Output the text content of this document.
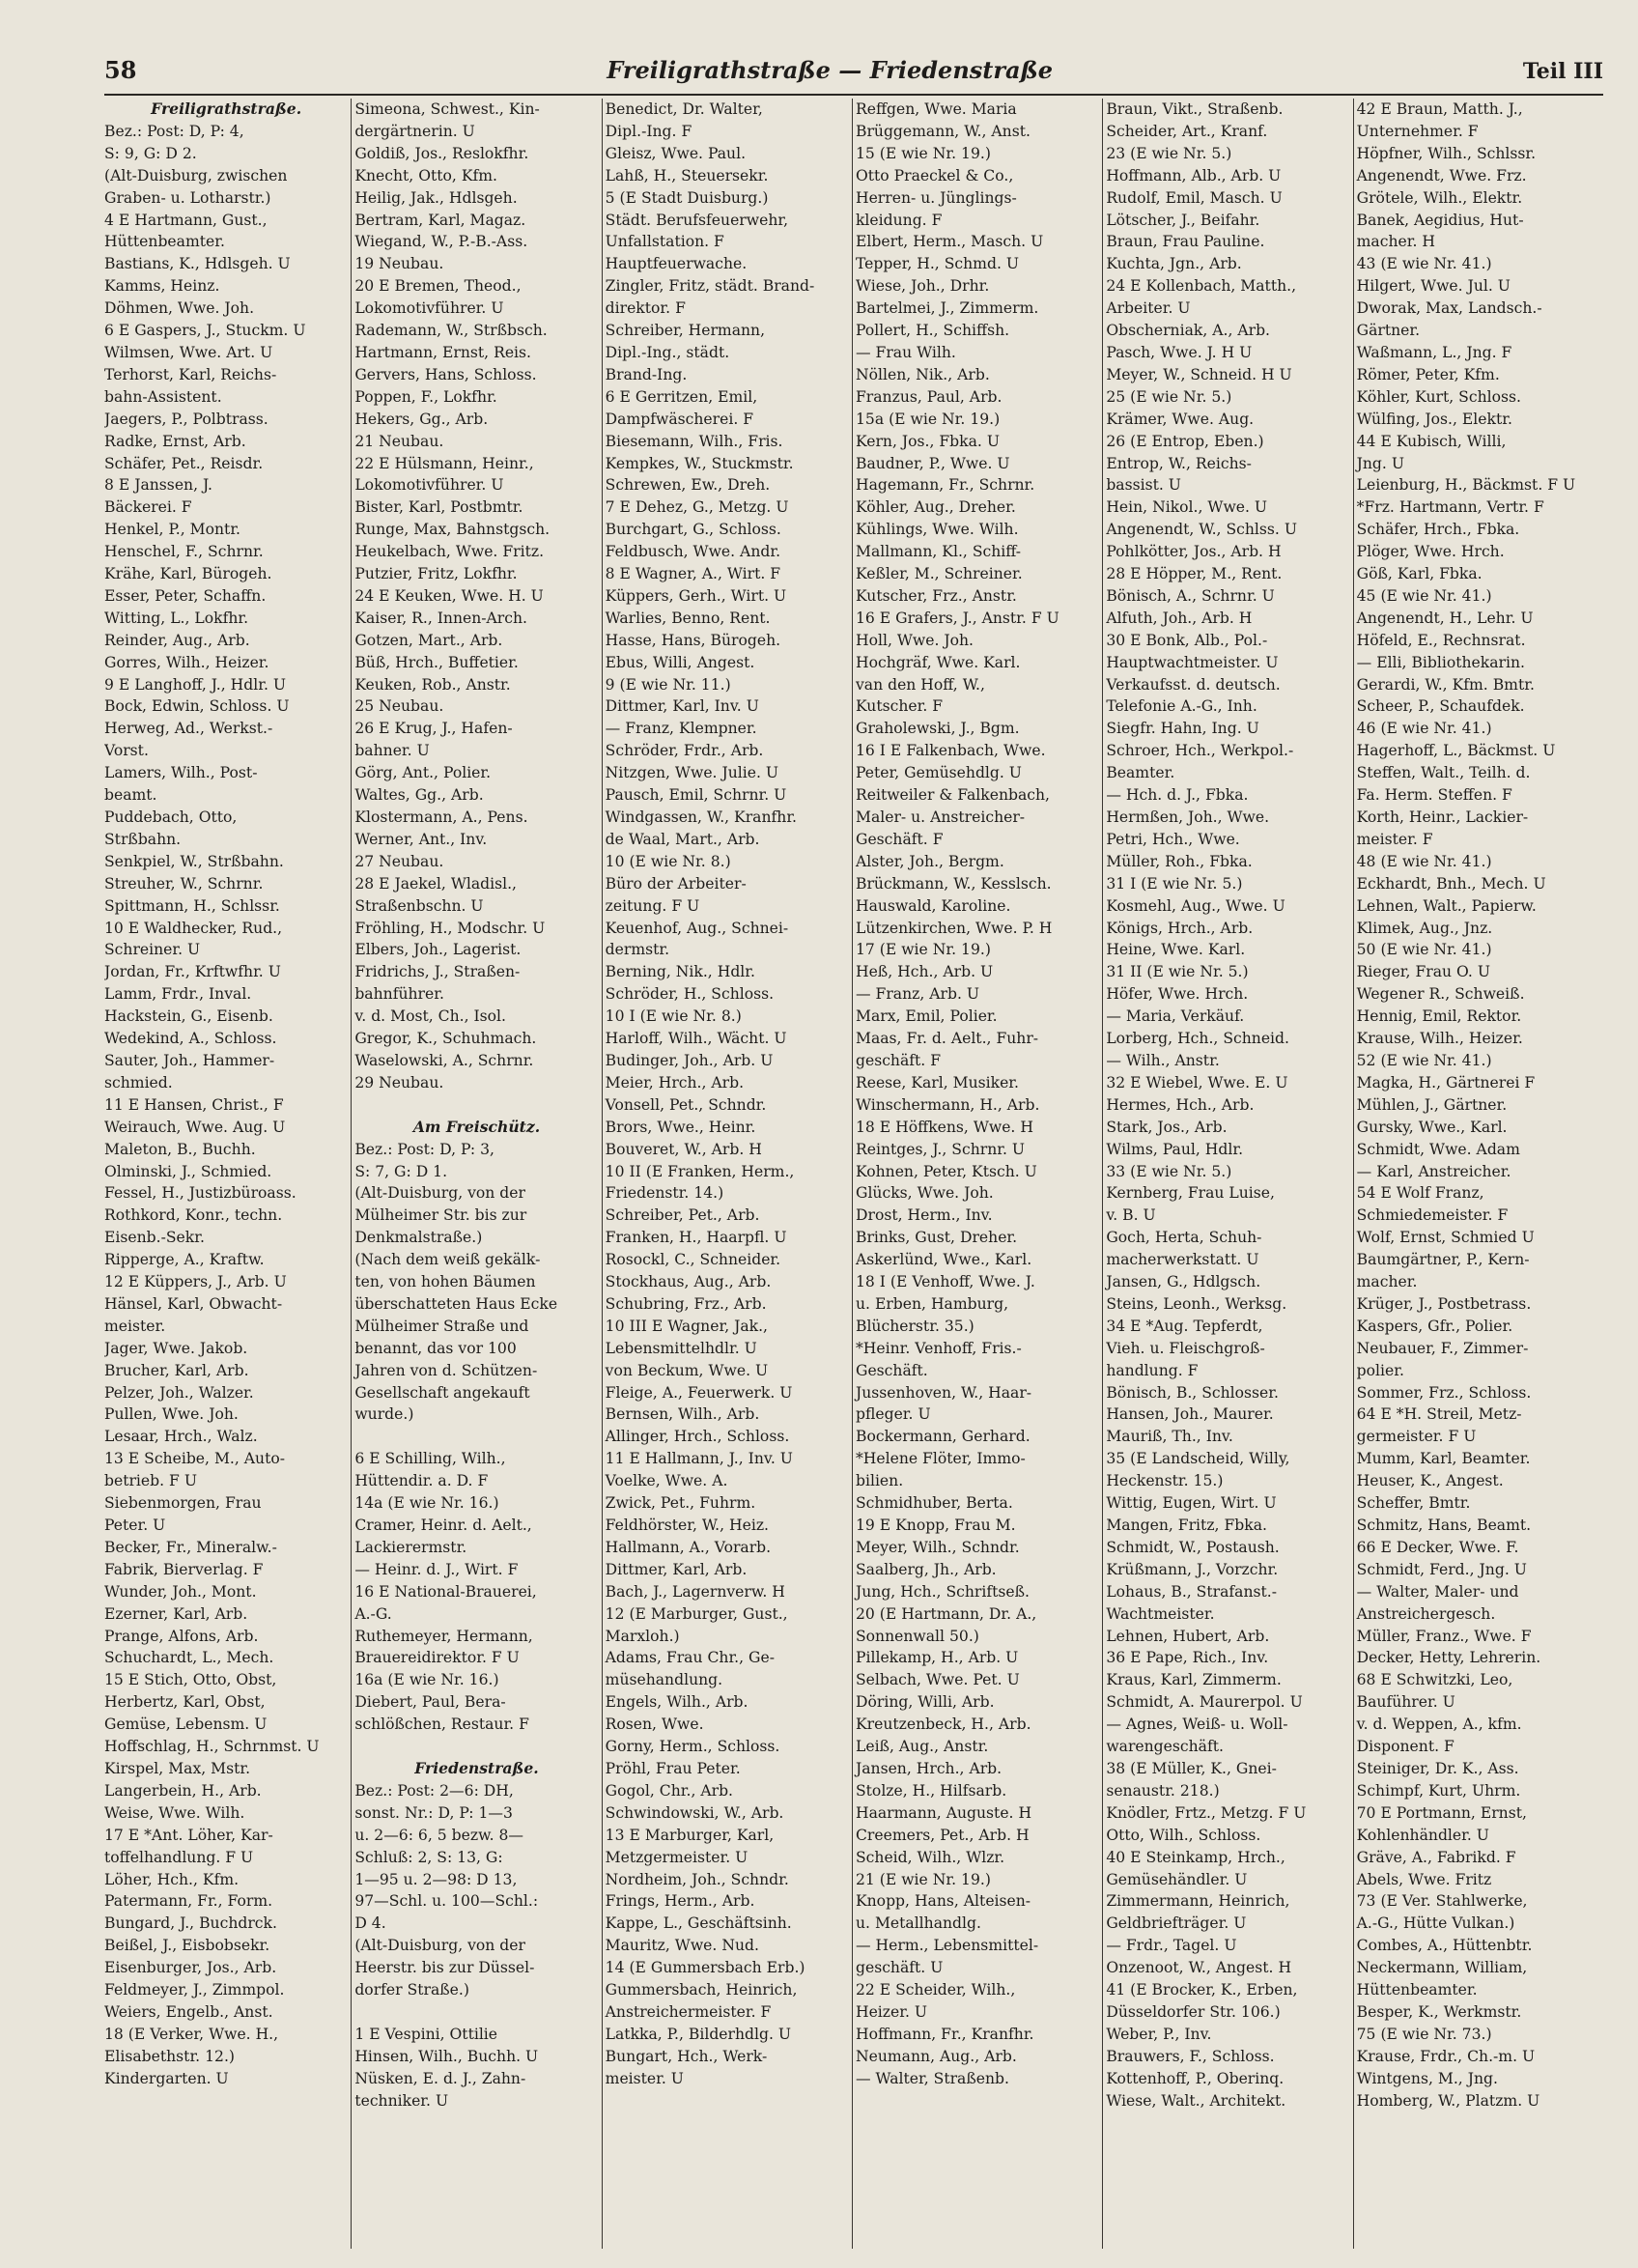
58	Freiligrathstraße — Friedenstraße	Teil III
Freiligrathstraße.
Bez.: Post: D, P: 4,
S: 9, G: D 2.
(Alt-Duisburg, zwischen
Graben- u. Lotharstr.)
4 E Hartmann, Gust.,
Hüttenbeamter.
Bastians, K., Hdlsgeh. U
Kamms, Heinz.
Döhmen, Wwe. Joh.
6 E Gaspers, J., Stuckm. U
Wilmsen, Wwe. Art. U
Terhorst, Karl, Reichs-
bahn-Assistent.
Jaegers, P., Polbtrass.
Radke, Ernst, Arb.
Schäfer, Pet., Reisdr.
8 E Janssen, J.
Bäckerei. F
Henkel, P., Montr.
Henschel, F., Schrnr.
Krähe, Karl, Bürogeh.
Esser, Peter, Schaffn.
Witting, L., Lokfhr.
Reinder, Aug., Arb.
Gorres, Wilh., Heizer.
9 E Langhoff, J., Hdlr. U
Bock, Edwin, Schloss. U
Herweg, Ad., Werkst.-
Vorst.
Lamers, Wilh., Post-
beamt.
Puddebach, Otto,
Strßbahn.
Senkpiel, W., Strßbahn.
Streuher, W., Schrnr.
Spittmann, H., Schlssr.
10 E Waldhecker, Rud.,
Schreiner. U
Jordan, Fr., Krftwfhr. U
Lamm, Frdr., Inval.
Hackstein, G., Eisenb.
Wedekind, A., Schloss.
Sauter, Joh., Hammer-
schmied.
11 E Hansen, Christ., F
Weirauch, Wwe. Aug. U
Maleton, B., Buchh.
Olminski, J., Schmied.
Fessel, H., Justizbüroass.
Rothkord, Konr., techn.
Eisenb.-Sekr.
Ripperge, A., Kraftw.
12 E Küppers, J., Arb. U
Hänsel, Karl, Obwacht-
meister.
Jager, Wwe. Jakob.
Brucher, Karl, Arb.
Pelzer, Joh., Walzer.
Pullen, Wwe. Joh.
Lesaar, Hrch., Walz.
13 E Scheibe, M., Auto-
betrieb. F U
Siebenmorgen, Frau
Peter. U
Becker, Fr., Mineralw.-
Fabrik, Bierverlag. F
Wunder, Joh., Mont.
Ezerner, Karl, Arb.
Prange, Alfons, Arb.
Schuchardt, L., Mech.
15 E Stich, Otto, Obst,
Herbertz, Karl, Obst,
Gemüse, Lebensm. U
Hoffschlag, H., Schrnmst. U
Kirspel, Max, Mstr.
Langerbein, H., Arb.
Weise, Wwe. Wilh.
17 E *Ant. Löher, Kar-
toffelhandlung. F U
Löher, Hch., Kfm.
Patermann, Fr., Form.
Bungard, J., Buchdrck.
Beißel, J., Eisbobsekr.
Eisenburger, Jos., Arb.
Feldmeyer, J., Zimmpol.
Weiers, Engelb., Anst.
18 (E Verker, Wwe. H.,
Elisabethstr. 12.)
Kindergarten. U
Simeona, Schwest., Kin-
dergärtnerin. U
Goldiß, Jos., Reslokfhr.
Knecht, Otto, Kfm.
Heilig, Jak., Hdlsgeh.
Bertram, Karl, Magaz.
Wiegand, W., P.-B.-Ass.
19 Neubau.
20 E Bremen, Theod.,
Lokomotivführer. U
Rademann, W., Strßbsch.
Hartmann, Ernst, Reis.
Gervers, Hans, Schloss.
Poppen, F., Lokfhr.
Hekers, Gg., Arb.
21 Neubau.
22 E Hülsmann, Heinr.,
Lokomotivführer. U
Bister, Karl, Postbmtr.
Runge, Max, Bahnstgsch.
Heukelbach, Wwe. Fritz.
Putzier, Fritz, Lokfhr.
24 E Keuken, Wwe. H. U
Kaiser, R., Innen-Arch.
Gotzen, Mart., Arb.
Büß, Hrch., Buffetier.
Keuken, Rob., Anstr.
25 Neubau.
26 E Krug, J., Hafen-
bahner. U
Görg, Ant., Polier.
Waltes, Gg., Arb.
Klostermann, A., Pens.
Werner, Ant., Inv.
27 Neubau.
28 E Jaekel, Wladisl.,
Straßenbschn. U
Fröhling, H., Modschr. U
Elbers, Joh., Lagerist.
Fridrichs, J., Straßen-
bahnführer.
v. d. Most, Ch., Isol.
Gregor, K., Schuhmach.
Waselowski, A., Schrnr.
29 Neubau.

Am Freischütz.
Bez.: Post: D, P: 3,
S: 7, G: D 1.
(Alt-Duisburg, von der
Mülheimer Str. bis zur
Denkmalstraße.)
(Nach dem weiß gekälk-
ten, von hohen Bäumen
überschatteten Haus Ecke
Mülheimer Straße und
benannt, das vor 100
Jahren von d. Schützen-
Gesellschaft angekauft
wurde.)

6 E Schilling, Wilh.,
Hüttendir. a. D. F
14a (E wie Nr. 16.)
Cramer, Heinr. d. Aelt.,
Lackierermstr.
— Heinr. d. J., Wirt. F
16 E National-Brauerei,
A.-G.
Ruthemeyer, Hermann,
Brauereidirektor. F U
16a (E wie Nr. 16.)
Diebert, Paul, Bera-
schlößchen, Restaur. F

Friedenstraße.
Bez.: Post: 2—6: DH,
sonst. Nr.: D, P: 1—3
u. 2—6: 6, 5 bezw. 8—
Schluß: 2, S: 13, G:
1—95 u. 2—98: D 13,
97—Schl. u. 100—Schl.:
D 4.
(Alt-Duisburg, von der
Heerstr. bis zur Düssel-
dorfer Straße.)

1 E Vespini, Ottilie
Hinsen, Wilh., Buchh. U
Nüsken, E. d. J., Zahn-
techniker. U
Benedict, Dr. Walter,
Dipl.-Ing. F
Gleisz, Wwe. Paul.
Lahß, H., Steuersekr.
5 (E Stadt Duisburg.)
Städt. Berufsfeuerwehr,
Unfallstation. F
Hauptfeuerwache.
Zingler, Fritz, städt. Brand-
direktor. F
Schreiber, Hermann,
Dipl.-Ing., städt.
Brand-Ing.
6 E Gerritzen, Emil,
Dampfwäscherei. F
Biesemann, Wilh., Fris.
Kempkes, W., Stuckmstr.
Schrewen, Ew., Dreh.
7 E Dehez, G., Metzg. U
Burchgart, G., Schloss.
Feldbusch, Wwe. Andr.
8 E Wagner, A., Wirt. F
Küppers, Gerh., Wirt. U
Warlies, Benno, Rent.
Hasse, Hans, Bürogeh.
Ebus, Willi, Angest.
9 (E wie Nr. 11.)
Dittmer, Karl, Inv. U
— Franz, Klempner.
Schröder, Frdr., Arb.
Nitzgen, Wwe. Julie. U
Pausch, Emil, Schrnr. U
Windgassen, W., Kranfhr.
de Waal, Mart., Arb.
10 (E wie Nr. 8.)
Büro der Arbeiter-
zeitung. F U
Keuenhof, Aug., Schnei-
dermstr.
Berning, Nik., Hdlr.
Schröder, H., Schloss.
10 I (E wie Nr. 8.)
Harloff, Wilh., Wächt. U
Budinger, Joh., Arb. U
Meier, Hrch., Arb.
Vonsell, Pet., Schndr.
Brors, Wwe., Heinr.
Bouveret, W., Arb. H
10 II (E Franken, Herm.,
Friedenstr. 14.)
Schreiber, Pet., Arb.
Franken, H., Haarpfl. U
Rosockl, C., Schneider.
Stockhaus, Aug., Arb.
Schubring, Frz., Arb.
10 III E Wagner, Jak.,
Lebensmittelhdlr. U
von Beckum, Wwe. U
Fleige, A., Feuerwerk. U
Bernsen, Wilh., Arb.
Allinger, Hrch., Schloss.
11 E Hallmann, J., Inv. U
Voelke, Wwe. A.
Zwick, Pet., Fuhrm.
Feldhörster, W., Heiz.
Hallmann, A., Vorarb.
Dittmer, Karl, Arb.
Bach, J., Lagernverw. H
12 (E Marburger, Gust.,
Marxloh.)
Adams, Frau Chr., Ge-
müsehandlung.
Engels, Wilh., Arb.
Rosen, Wwe.
Gorny, Herm., Schloss.
Pröhl, Frau Peter.
Gogol, Chr., Arb.
Schwindowski, W., Arb.
13 E Marburger, Karl,
Metzgermeister. U
Nordheim, Joh., Schndr.
Frings, Herm., Arb.
Kappe, L., Geschäftsinh.
Mauritz, Wwe. Nud.
14 (E Gummersbach Erb.)
Gummersbach, Heinrich,
Anstreichermeister. F
Latkka, P., Bilderhdlg. U
Bungart, Hch., Werk-
meister. U
Reffgen, Wwe. Maria
Brüggemann, W., Anst.
15 (E wie Nr. 19.)
Otto Praeckel & Co.,
Herren- u. Jünglings-
kleidung. F
Elbert, Herm., Masch. U
Tepper, H., Schmd. U
Wiese, Joh., Drhr.
Bartelmei, J., Zimmerm.
Pollert, H., Schiffsh.
— Frau Wilh.
Nöllen, Nik., Arb.
Franzus, Paul, Arb.
15a (E wie Nr. 19.)
Kern, Jos., Fbka. U
Baudner, P., Wwe. U
Hagemann, Fr., Schrnr.
Köhler, Aug., Dreher.
Kühlings, Wwe. Wilh.
Mallmann, Kl., Schiff-
Keßler, M., Schreiner.
Kutscher, Frz., Anstr.
16 E Grafers, J., Anstr. F U
Holl, Wwe. Joh.
Hochgräf, Wwe. Karl.
van den Hoff, W.,
Kutscher. F
Graholewski, J., Bgm.
16 I E Falkenbach, Wwe.
Peter, Gemüsehdlg. U
Reitweiler & Falkenbach,
Maler- u. Anstreicher-
Geschäft. F
Alster, Joh., Bergm.
Brückmann, W., Kesslsch.
Hauswald, Karoline.
Lützenkirchen, Wwe. P. H
17 (E wie Nr. 19.)
Heß, Hch., Arb. U
— Franz, Arb. U
Marx, Emil, Polier.
Maas, Fr. d. Aelt., Fuhr-
geschäft. F
Reese, Karl, Musiker.
Winschermann, H., Arb.
18 E Höffkens, Wwe. H
Reintges, J., Schrnr. U
Kohnen, Peter, Ktsch. U
Glücks, Wwe. Joh.
Drost, Herm., Inv.
Brinks, Gust, Dreher.
Askerlünd, Wwe., Karl.
18 I (E Venhoff, Wwe. J.
u. Erben, Hamburg,
Blücherstr. 35.)
*Heinr. Venhoff, Fris.-
Geschäft.
Jussenhoven, W., Haar-
pfleger. U
Bockermann, Gerhard.
*Helene Flöter, Immo-
bilien.
Schmidhuber, Berta.
19 E Knopp, Frau M.
Meyer, Wilh., Schndr.
Saalberg, Jh., Arb.
Jung, Hch., Schriftseß.
20 (E Hartmann, Dr. A.,
Sonnenwall 50.)
Pillekamp, H., Arb. U
Selbach, Wwe. Pet. U
Döring, Willi, Arb.
Kreutzenbeck, H., Arb.
Leiß, Aug., Anstr.
Jansen, Hrch., Arb.
Stolze, H., Hilfsarb.
Haarmann, Auguste. H
Creemers, Pet., Arb. H
Scheid, Wilh., Wlzr.
21 (E wie Nr. 19.)
Knopp, Hans, Alteisen-
u. Metallhandlg.
— Herm., Lebensmittel-
geschäft. U
22 E Scheider, Wilh.,
Heizer. U
Hoffmann, Fr., Kranfhr.
Neumann, Aug., Arb.
— Walter, Straßenb.
Braun, Vikt., Straßenb.
Scheider, Art., Kranf.
23 (E wie Nr. 5.)
Hoffmann, Alb., Arb. U
Rudolf, Emil, Masch. U
Lötscher, J., Beifahr.
Braun, Frau Pauline.
Kuchta, Jgn., Arb.
24 E Kollenbach, Matth.,
Arbeiter. U
Obscherniak, A., Arb.
Pasch, Wwe. J. H U
Meyer, W., Schneid. H U
25 (E wie Nr. 5.)
Krämer, Wwe. Aug.
26 (E Entrop, Eben.)
Entrop, W., Reichs-
bassist. U
Hein, Nikol., Wwe. U
Angenendt, W., Schlss. U
Pohlkötter, Jos., Arb. H
28 E Höpper, M., Rent.
Bönisch, A., Schrnr. U
Alfuth, Joh., Arb. H
30 E Bonk, Alb., Pol.-
Hauptwachtmeister. U
Verkaufsst. d. deutsch.
Telefonie A.-G., Inh.
Siegfr. Hahn, Ing. U
Schroer, Hch., Werkpol.-
Beamter.
— Hch. d. J., Fbka.
Hermßen, Joh., Wwe.
Petri, Hch., Wwe.
Müller, Roh., Fbka.
31 I (E wie Nr. 5.)
Kosmehl, Aug., Wwe. U
Königs, Hrch., Arb.
Heine, Wwe. Karl.
31 II (E wie Nr. 5.)
Höfer, Wwe. Hrch.
— Maria, Verkäuf.
Lorberg, Hch., Schneid.
— Wilh., Anstr.
32 E Wiebel, Wwe. E. U
Hermes, Hch., Arb.
Stark, Jos., Arb.
Wilms, Paul, Hdlr.
33 (E wie Nr. 5.)
Kernberg, Frau Luise,
v. B. U
Goch, Herta, Schuh-
macherwerkstatt. U
Jansen, G., Hdlgsch.
Steins, Leonh., Werksg.
34 E *Aug. Tepferdt,
Vieh. u. Fleischgroß-
handlung. F
Bönisch, B., Schlosser.
Hansen, Joh., Maurer.
Mauriß, Th., Inv.
35 (E Landscheid, Willy,
Heckenstr. 15.)
Wittig, Eugen, Wirt. U
Mangen, Fritz, Fbka.
Schmidt, W., Postaush.
Krüßmann, J., Vorzchr.
Lohaus, B., Strafanst.-
Wachtmeister.
Lehnen, Hubert, Arb.
36 E Pape, Rich., Inv.
Kraus, Karl, Zimmerm.
Schmidt, A. Maurerpol. U
— Agnes, Weiß- u. Woll-
warengeschäft.
38 (E Müller, K., Gnei-
senaustr. 218.)
Knödler, Frtz., Metzg. F U
Otto, Wilh., Schloss.
40 E Steinkamp, Hrch.,
Gemüsehändler. U
Zimmermann, Heinrich,
Geldbriefträger. U
— Frdr., Tagel. U
Onzenoot, W., Angest. H
41 (E Brocker, K., Erben,
Düsseldorfer Str. 106.)
Weber, P., Inv.
Brauwers, F., Schloss.
Kottenhoff, P., Oberinq.
Wiese, Walt., Architekt.
42 E Braun, Matth. J.,
Unternehmer. F
Höpfner, Wilh., Schlssr.
Angenendt, Wwe. Frz.
Grötele, Wilh., Elektr.
Banek, Aegidius, Hut-
macher. H
43 (E wie Nr. 41.)
Hilgert, Wwe. Jul. U
Dworak, Max, Landsch.-
Gärtner.
Waßmann, L., Jng. F
Römer, Peter, Kfm.
Köhler, Kurt, Schloss.
Wülfing, Jos., Elektr.
44 E Kubisch, Willi,
Jng. U
Leienburg, H., Bäckmst. F U
*Frz. Hartmann, Vertr. F
Schäfer, Hrch., Fbka.
Plöger, Wwe. Hrch.
Göß, Karl, Fbka.
45 (E wie Nr. 41.)
Angenendt, H., Lehr. U
Höfeld, E., Rechnsrat.
— Elli, Bibliothekarin.
Gerardi, W., Kfm. Bmtr.
Scheer, P., Schaufdek.
46 (E wie Nr. 41.)
Hagerhoff, L., Bäckmst. U
Steffen, Walt., Teilh. d.
Fa. Herm. Steffen. F
Korth, Heinr., Lackier-
meister. F
48 (E wie Nr. 41.)
Eckhardt, Bnh., Mech. U
Lehnen, Walt., Papierw.
Klimek, Aug., Jnz.
50 (E wie Nr. 41.)
Rieger, Frau O. U
Wegener R., Schweiß.
Hennig, Emil, Rektor.
Krause, Wilh., Heizer.
52 (E wie Nr. 41.)
Magka, H., Gärtnerei F
Mühlen, J., Gärtner.
Gursky, Wwe., Karl.
Schmidt, Wwe. Adam
— Karl, Anstreicher.
54 E Wolf Franz,
Schmiedemeister. F
Wolf, Ernst, Schmied U
Baumgärtner, P., Kern-
macher.
Krüger, J., Postbetrass.
Kaspers, Gfr., Polier.
Neubauer, F., Zimmer-
polier.
Sommer, Frz., Schloss.
64 E *H. Streil, Metz-
germeister. F U
Mumm, Karl, Beamter.
Heuser, K., Angest.
Scheffer, Bmtr.
Schmitz, Hans, Beamt.
66 E Decker, Wwe. F.
Schmidt, Ferd., Jng. U
— Walter, Maler- und
Anstreichergesch.
Müller, Franz., Wwe. F
Decker, Hetty, Lehrerin.
68 E Schwitzki, Leo,
Bauführer. U
v. d. Weppen, A., kfm.
Disponent. F
Steiniger, Dr. K., Ass.
Schimpf, Kurt, Uhrm.
70 E Portmann, Ernst,
Kohlenhändler. U
Gräve, A., Fabrikd. F
Abels, Wwe. Fritz
73 (E Ver. Stahlwerke,
A.-G., Hütte Vulkan.)
Combes, A., Hüttenbtr.
Neckermann, William,
Hüttenbeamter.
Besper, K., Werkmstr.
75 (E wie Nr. 73.)
Krause, Frdr., Ch.-m. U
Wintgens, M., Jng.
Homberg, W., Platzm. U
